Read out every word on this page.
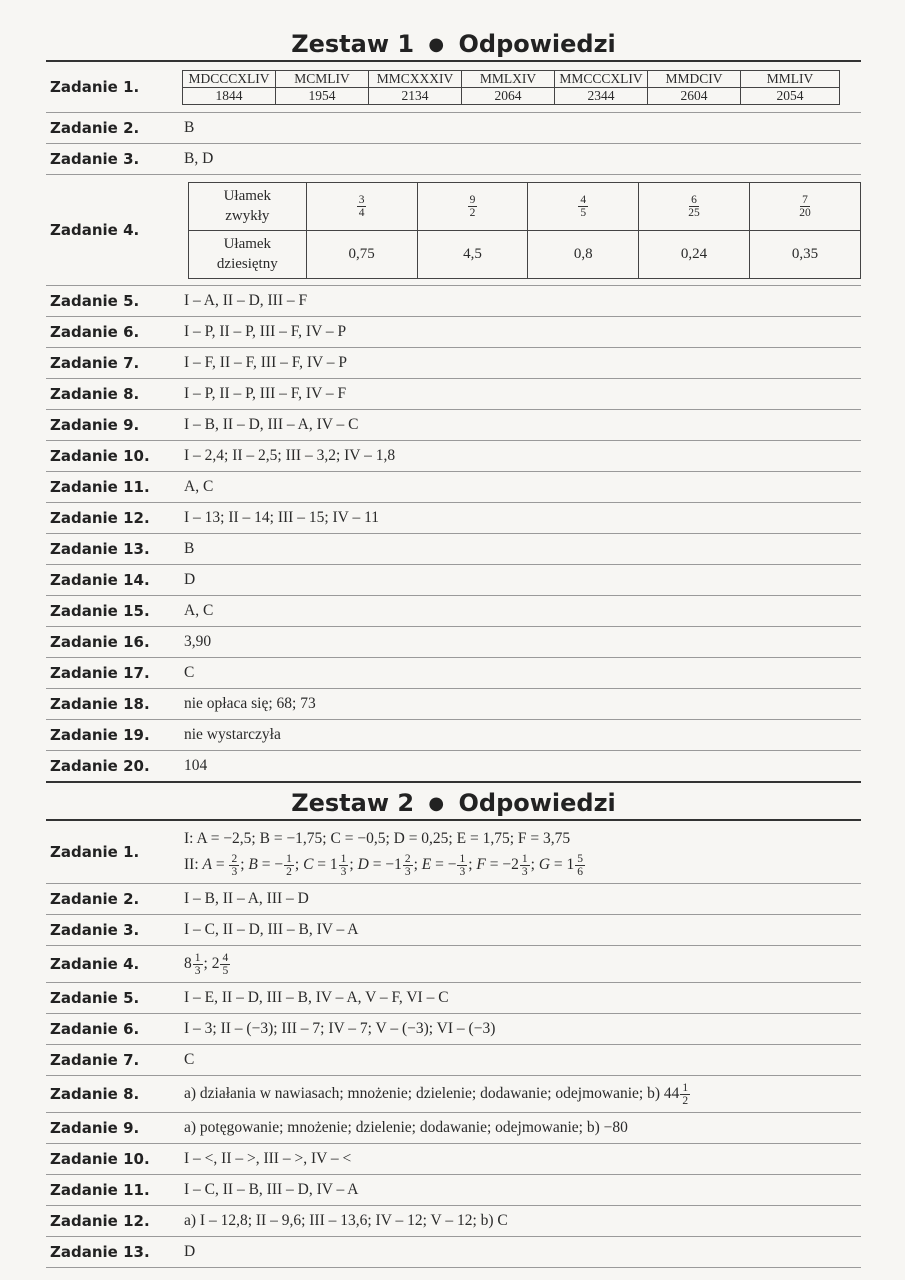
Zestaw 1 ● Odpowiedzi
Zadanie 1.	MDCCCXLIV	MCMLIV	MMCXXXIV	MMLXIV	MMCCCXLIV	MMDCIV	MMLIV
1844	1954	2134	2064	2344	2604	2054
Zadanie 2.	B
Zadanie 3.	B, D
Zadanie 4.
Ułamek
zwykły	$\frac{3}{4}$	$\frac{9}{2}$	$\frac{4}{5}$	$\frac{6}{25}$	$\frac{7}{20}$

Ułamek
dziesiętny	0,75	4,5	0,8	0,24	0,35
Zadanie 5.	I – A, II – D, III – F
Zadanie 6.	I – P, II – P, III – F, IV – P
Zadanie 7.	I – F, II – F, III – F, IV – P
Zadanie 8.	I – P, II – P, III – F, IV – F
Zadanie 9.	I – B, II – D, III – A, IV – C
Zadanie 10.	I – 2,4; II – 2,5; III – 3,2; IV – 1,8
Zadanie 11.	A, C
Zadanie 12.	I – 13; II – 14; III – 15; IV – 11
Zadanie 13.	B
Zadanie 14.	D
Zadanie 15.	A, C
Zadanie 16.	3,90
Zadanie 17.	C
Zadanie 18.	nie opłaca się; 68; 73
Zadanie 19.	nie wystarczyła
Zadanie 20.	104
Zestaw 2 ● Odpowiedzi
Zadanie 1.
I: A = −2,5; B = −1,75; C = −0,5; D = 0,25; E = 1,75; F = 3,75
II: $A = \frac{2}{3}$ ; B = − $\frac{1}{2}$ ; $C = 1 \frac{1}{3}$ ; $D = -1 \frac{2}{3}$ ; E = − $\frac{1}{3}$ ; $F = -2 \frac{1}{3}$ ; $G = 1 \frac{5}{6}$
Zadanie 2.	I – B, II – A, III – D
Zadanie 3.	I – C, II – D, III – B, IV – A
Zadanie 4.	$8 \frac{1}{3}$ ; $2 \frac{4}{5}$
Zadanie 5.	I – E, II – D, III – B, IV – A, V – F, VI – C
Zadanie 6.	I – 3; II – (−3); III – 7; IV – 7; V – (−3); VI – (−3)
Zadanie 7.	C
Zadanie 8.	a) działania w nawiasach; mnożenie; dzielenie; dodawanie; odejmowanie; b) $44 \frac{1}{2}$
Zadanie 9.	a) potęgowanie; mnożenie; dzielenie; dodawanie; odejmowanie; b) −80
Zadanie 10.	I – <, II – >, III – >, IV – <
Zadanie 11.	I – C, II – B, III – D, IV – A
Zadanie 12.	a) I – 12,8; II – 9,6; III – 13,6; IV – 12; V – 12; b) C
Zadanie 13.	D
